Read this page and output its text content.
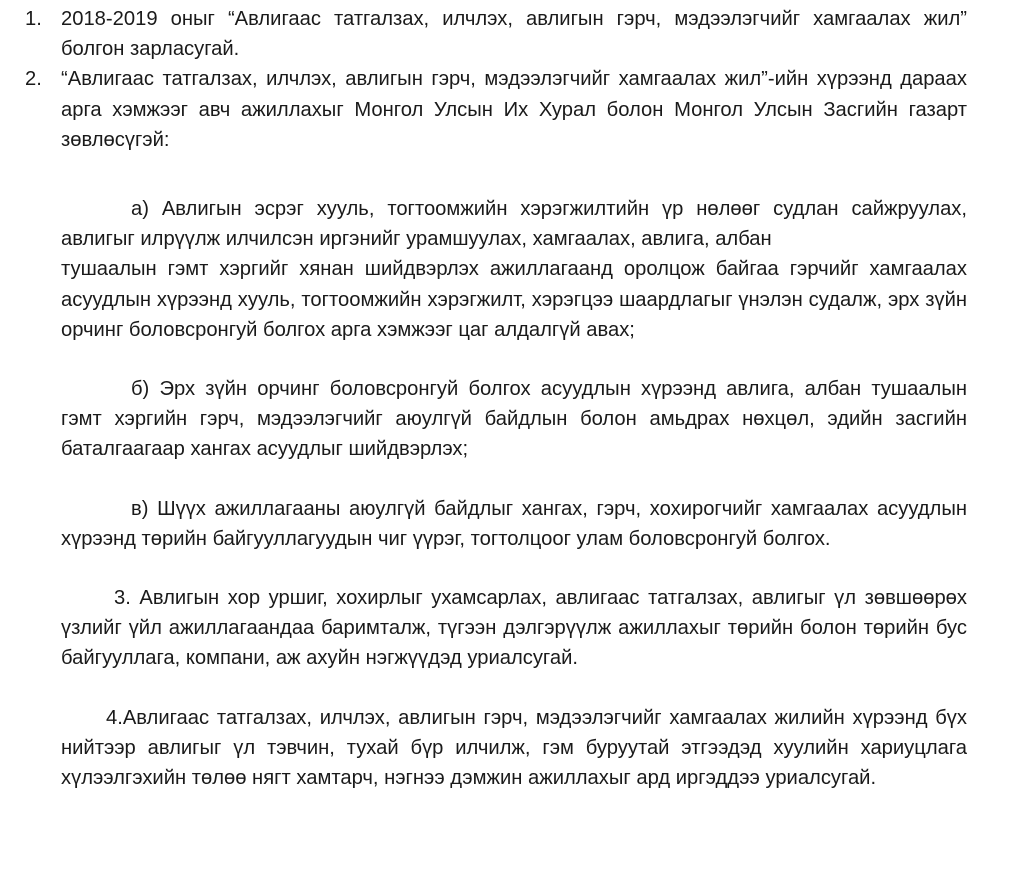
1. 2018-2019 оныг “Авлигаас татгалзах, илчлэх, авлигын гэрч, мэдээлэгчийг хамгаалах жил” болгон зарласугай.

2. “Авлигаас татгалзах, илчлэх, авлигын гэрч, мэдээлэгчийг хамгаалах жил”-ийн хүрээнд дараах арга хэмжээг авч ажиллахыг Монгол Улсын Их Хурал болон Монгол Улсын Засгийн газарт зөвлөсүгэй:

а) Авлигын эсрэг хууль, тогтоомжийн хэрэгжилтийн үр нөлөөг судлан сайжруулах, авлигыг илрүүлж илчилсэн иргэнийг урамшуулах, хамгаалах, авлига, албан

тушаалын гэмт хэргийг хянан шийдвэрлэх ажиллагаанд оролцож байгаа гэрчийг хамгаалах асуудлын хүрээнд хууль, тогтоомжийн хэрэгжилт, хэрэгцээ шаардлагыг үнэлэн судалж, эрх зүйн орчинг боловсронгуй болгох арга хэмжээг цаг алдалгүй авах;

б) Эрх зүйн орчинг боловсронгуй болгох асуудлын хүрээнд авлига, албан тушаалын гэмт хэргийн гэрч, мэдээлэгчийг аюулгүй байдлын болон амьдрах нөхцөл, эдийн засгийн баталгаагаар хангах асуудлыг шийдвэрлэх;

в) Шүүх ажиллагааны аюулгүй байдлыг хангах, гэрч, хохирогчийг хамгаалах асуудлын хүрээнд төрийн байгууллагуудын чиг үүрэг, тогтолцоог улам боловсронгуй болгох.

3. Авлигын хор уршиг, хохирлыг ухамсарлах, авлигаас татгалзах, авлигыг үл зөвшөөрөх үзлийг үйл ажиллагаандаа баримталж, түгээн дэлгэрүүлж ажиллахыг төрийн болон төрийн бус байгууллага, компани, аж ахуйн нэгжүүдэд уриалсугай.

4.Авлигаас татгалзах, илчлэх, авлигын гэрч, мэдээлэгчийг хамгаалах жилийн хүрээнд бүх нийтээр авлигыг үл тэвчин, тухай бүр илчилж, гэм буруутай этгээдэд хуулийн хариуцлага хүлээлгэхийн төлөө нягт хамтарч, нэгнээ дэмжин ажиллахыг ард иргэддээ уриалсугай.
